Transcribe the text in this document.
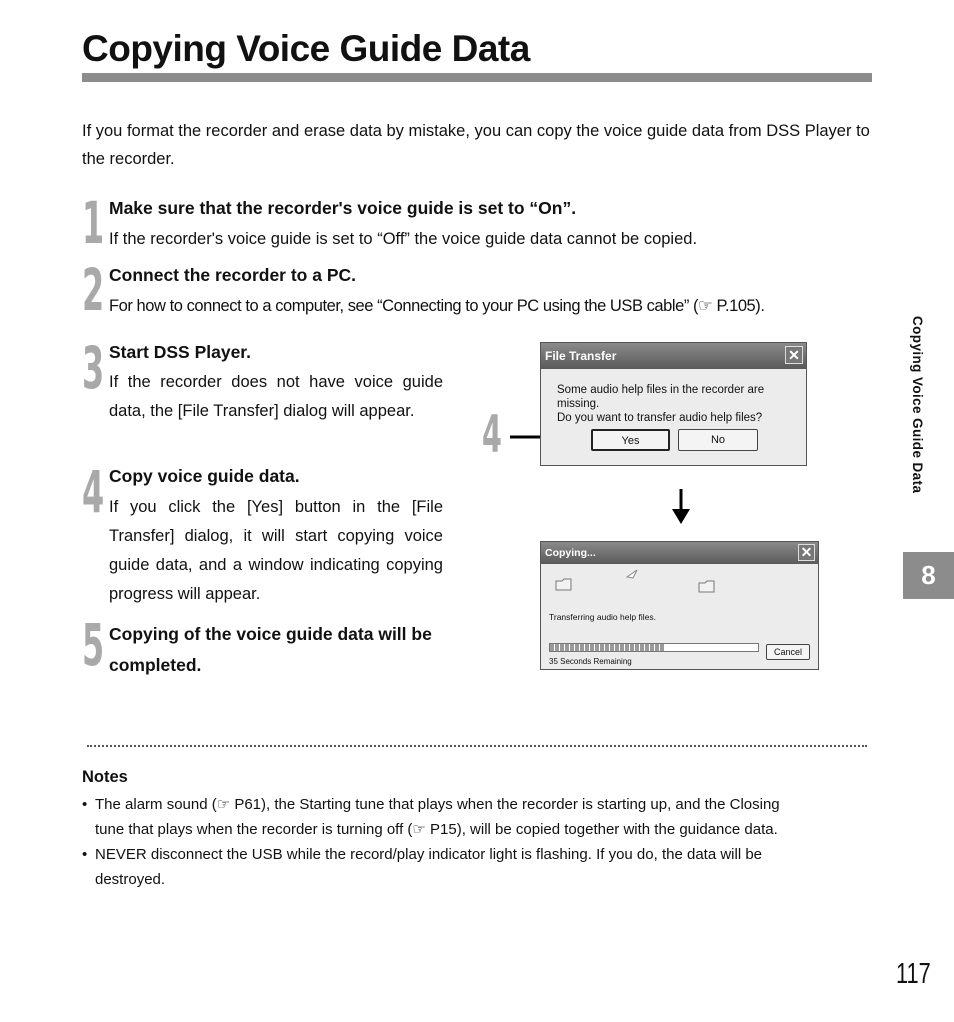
Copying Voice Guide Data
If you format the recorder and erase data by mistake, you can copy the voice guide data from DSS Player to the recorder.
1 Make sure that the recorder's voice guide is set to “On”.
If the recorder's voice guide is set to “Off” the voice guide data cannot be copied.
2 Connect the recorder to a PC.
For how to connect to a computer, see “Connecting to your PC using the USB cable” (☞ P.105).
3 Start DSS Player.
If the recorder does not have voice guide data, the [File Transfer] dialog will appear.
4 Copy voice guide data.
If you click the [Yes] button in the [File Transfer] dialog, it will start copying voice guide data, and a window indicating copying progress will appear.
5 Copying of the voice guide data will be completed.
4
File Transfer	✕
Some audio help files in the recorder are missing.
Do you want to transfer audio help files?
Yes	No
Copying...	✕
Transferring audio help files.
35 Seconds Remaining
Cancel
Copying Voice Guide Data
8
Notes
• The alarm sound (☞ P61), the Starting tune that plays when the recorder is starting up, and the Closing
tune that plays when the recorder is turning off (☞ P15), will be copied together with the guidance data.
• NEVER disconnect the USB while the record/play indicator light is flashing. If you do, the data will be
destroyed.
117
